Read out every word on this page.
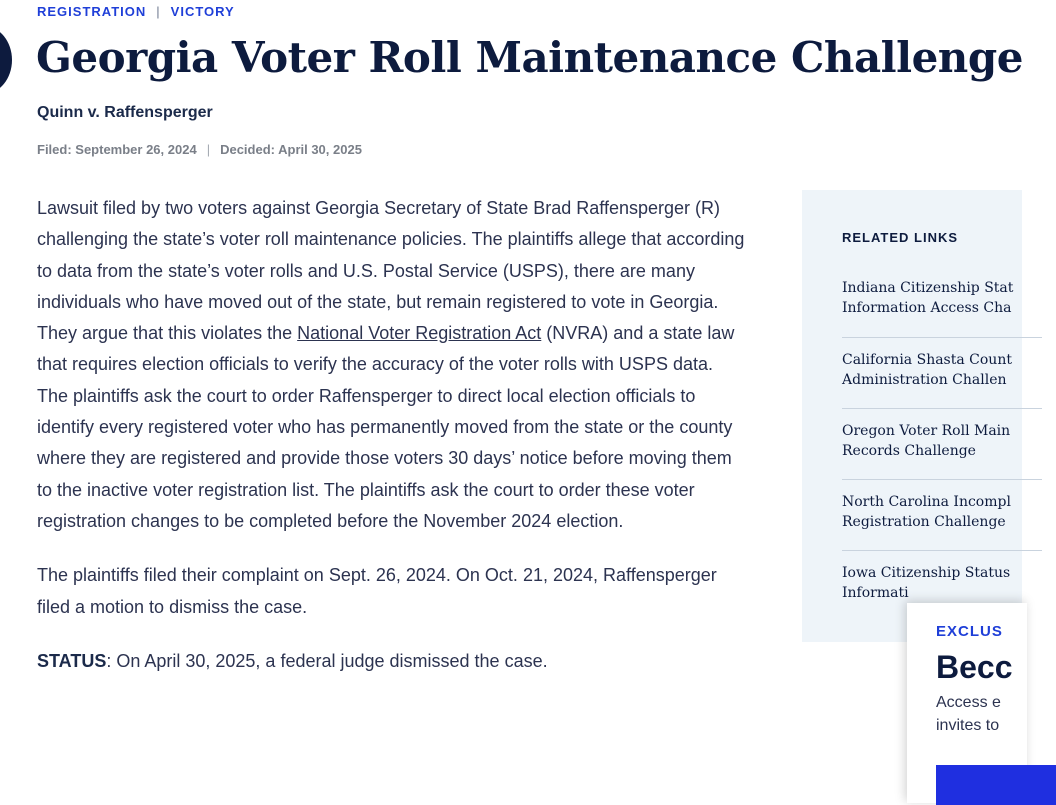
REGISTRATION | VICTORY
Georgia Voter Roll Maintenance Challenge
Quinn v. Raffensperger
Filed: September 26, 2024 | Decided: April 30, 2025

Lawsuit filed by two voters against Georgia Secretary of State Brad Raffensperger (R) challenging the state’s voter roll maintenance policies. The plaintiffs allege that according to data from the state’s voter rolls and U.S. Postal Service (USPS), there are many individuals who have moved out of the state, but remain registered to vote in Georgia. They argue that this violates the National Voter Registration Act (NVRA) and a state law that requires election officials to verify the accuracy of the voter rolls with USPS data. The plaintiffs ask the court to order Raffensperger to direct local election officials to identify every registered voter who has permanently moved from the state or the county where they are registered and provide those voters 30 days’ notice before moving them to the inactive voter registration list. The plaintiffs ask the court to order these voter registration changes to be completed before the November 2024 election.

The plaintiffs filed their complaint on Sept. 26, 2024. On Oct. 21, 2024, Raffensperger filed a motion to dismiss the case.

STATUS: On April 30, 2025, a federal judge dismissed the case.

RELATED LINKS
Indiana Citizenship Stat
Information Access Cha
California Shasta Count
Administration Challen
Oregon Voter Roll Main
Records Challenge
North Carolina Incompl
Registration Challenge
Iowa Citizenship Status
Informati
EXCLUS
Becc
Access e
invites to
